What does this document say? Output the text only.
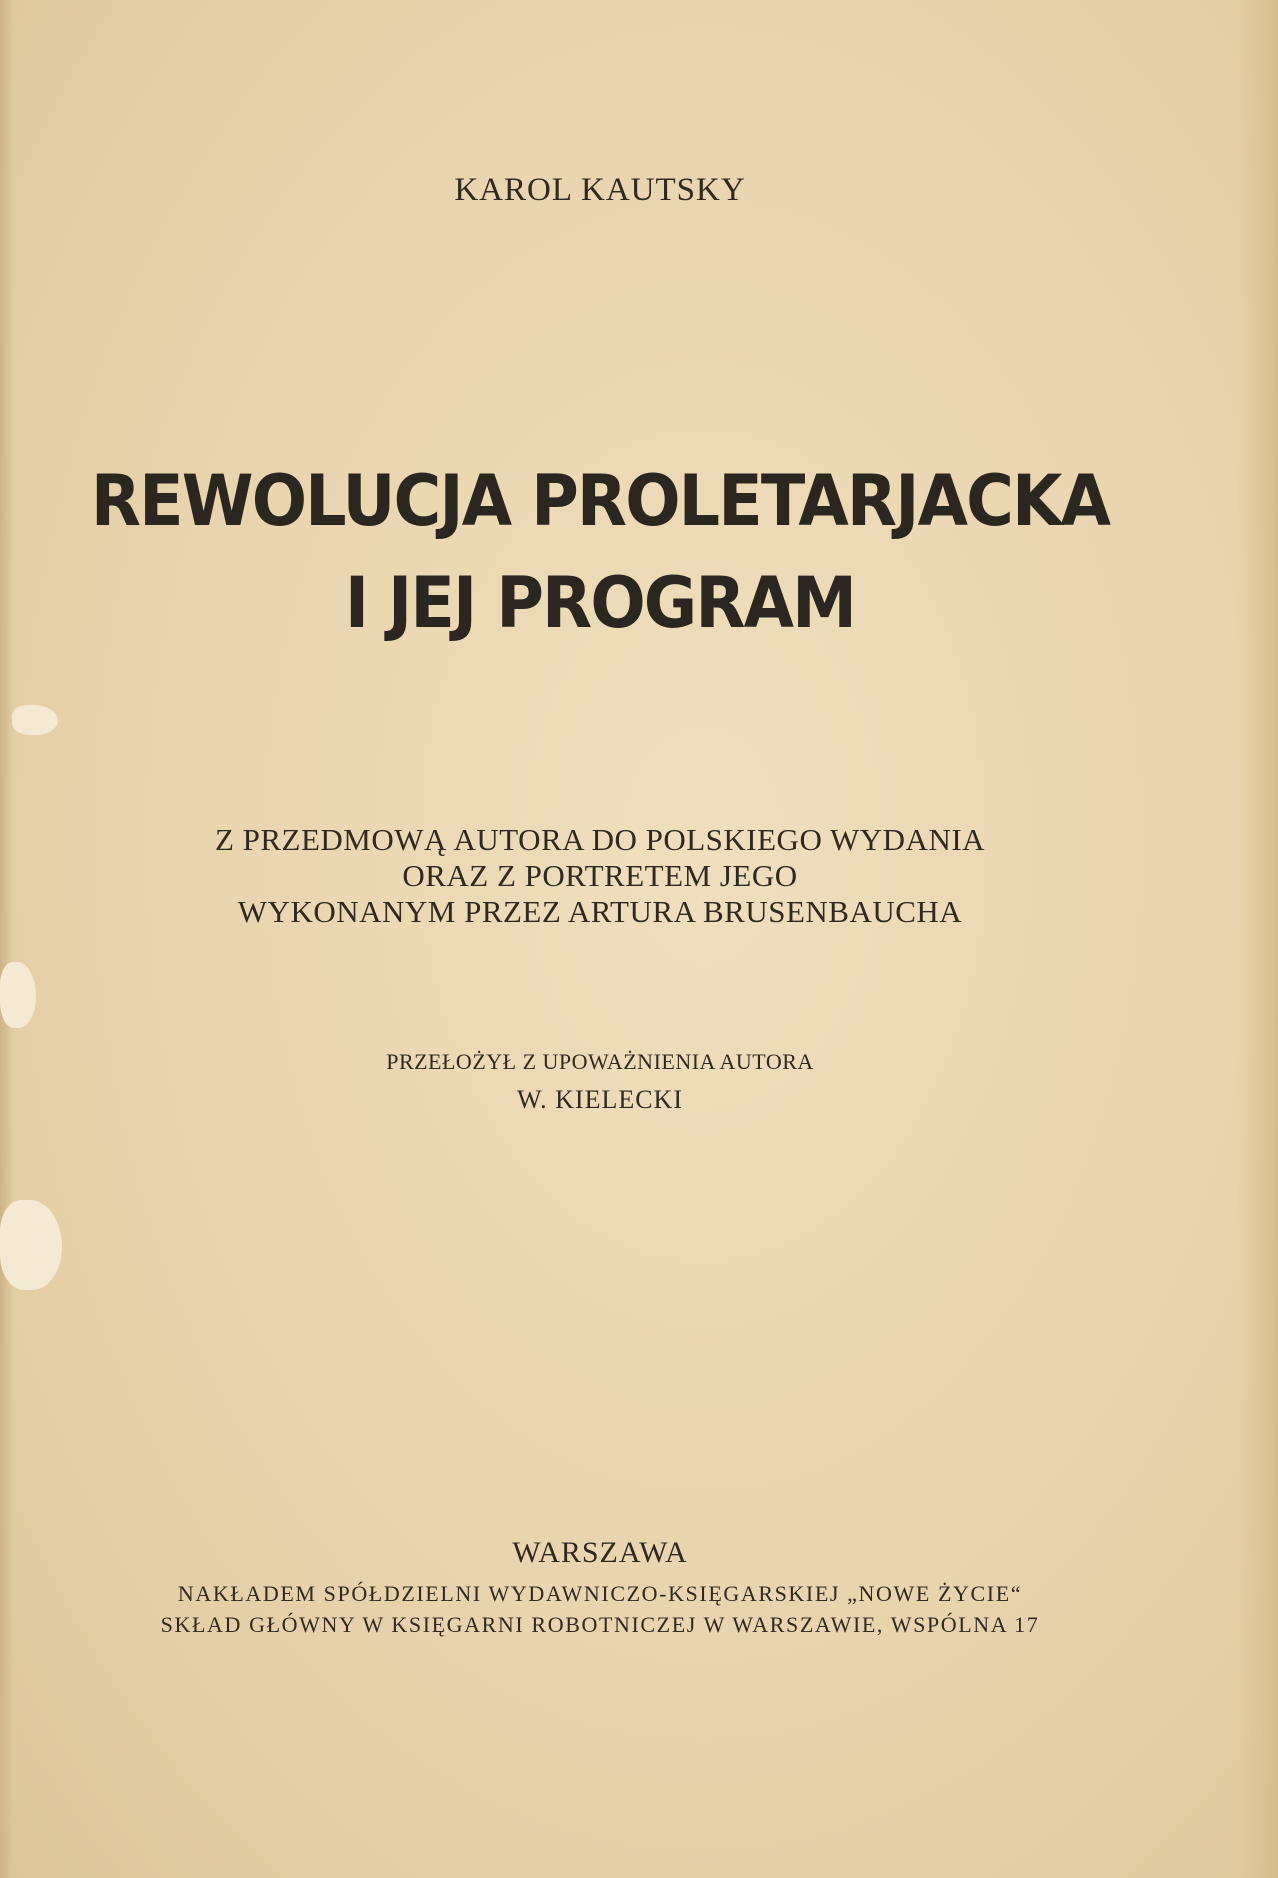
KAROL KAUTSKY
REWOLUCJA PROLETARJACKA
I JEJ PROGRAM
Z PRZEDMOWĄ AUTORA DO POLSKIEGO WYDANIA
ORAZ Z PORTRETEM JEGO
WYKONANYM PRZEZ ARTURA BRUSENBAUCHA
PRZEŁOŻYŁ Z UPOWAŻNIENIA AUTORA
W. KIELECKI
WARSZAWA
NAKŁADEM SPÓŁDZIELNI WYDAWNICZO-KSIĘGARSKIEJ „NOWE ŻYCIE“
SKŁAD GŁÓWNY W KSIĘGARNI ROBOTNICZEJ W WARSZAWIE, WSPÓLNA 17
